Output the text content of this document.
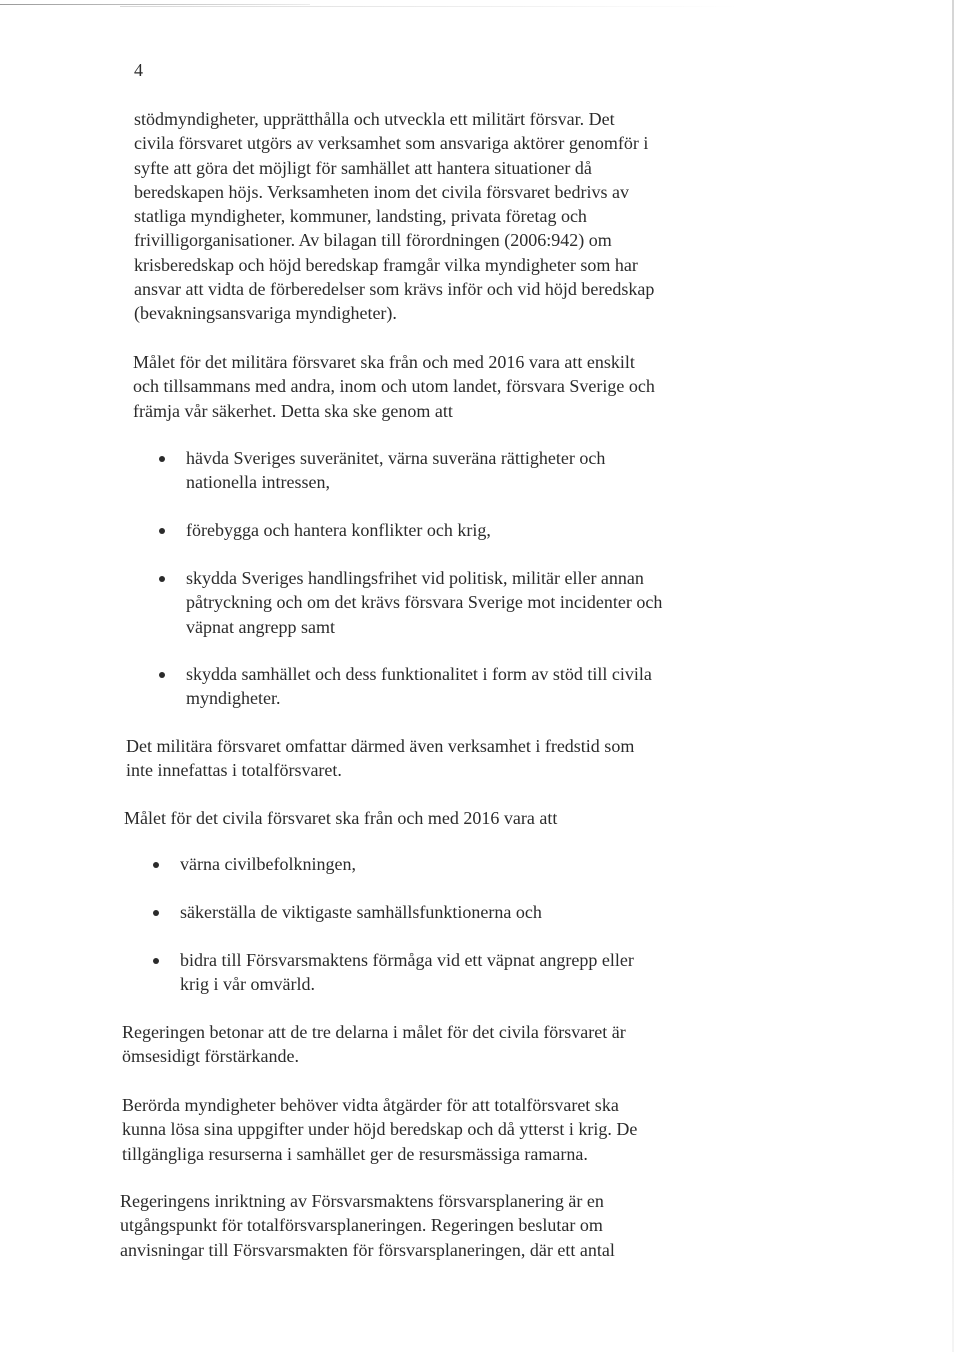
4
stödmyndigheter, upprätthålla och utveckla ett militärt försvar. Det
civila försvaret utgörs av verksamhet som ansvariga aktörer genomför i
syfte att göra det möjligt för samhället att hantera situationer då
beredskapen höjs. Verksamheten inom det civila försvaret bedrivs av
statliga myndigheter, kommuner, landsting, privata företag och
frivilligorganisationer. Av bilagan till förordningen (2006:942) om
krisberedskap och höjd beredskap framgår vilka myndigheter som har
ansvar att vidta de förberedelser som krävs inför och vid höjd beredskap
(bevakningsansvariga myndigheter).
Målet för det militära försvaret ska från och med 2016 vara att enskilt
och tillsammans med andra, inom och utom landet, försvara Sverige och
främja vår säkerhet. Detta ska ske genom att
hävda Sveriges suveränitet, värna suveräna rättigheter och
nationella intressen,
förebygga och hantera konflikter och krig,
skydda Sveriges handlingsfrihet vid politisk, militär eller annan
påtryckning och om det krävs försvara Sverige mot incidenter och
väpnat angrepp samt
skydda samhället och dess funktionalitet i form av stöd till civila
myndigheter.
Det militära försvaret omfattar därmed även verksamhet i fredstid som
inte innefattas i totalförsvaret.
Målet för det civila försvaret ska från och med 2016 vara att
värna civilbefolkningen,
säkerställa de viktigaste samhällsfunktionerna och
bidra till Försvarsmaktens förmåga vid ett väpnat angrepp eller
krig i vår omvärld.
Regeringen betonar att de tre delarna i målet för det civila försvaret är
ömsesidigt förstärkande.
Berörda myndigheter behöver vidta åtgärder för att totalförsvaret ska
kunna lösa sina uppgifter under höjd beredskap och då ytterst i krig. De
tillgängliga resurserna i samhället ger de resursmässiga ramarna.
Regeringens inriktning av Försvarsmaktens försvarsplanering är en
utgångspunkt för totalförsvarsplaneringen. Regeringen beslutar om
anvisningar till Försvarsmakten för försvarsplaneringen, där ett antal
